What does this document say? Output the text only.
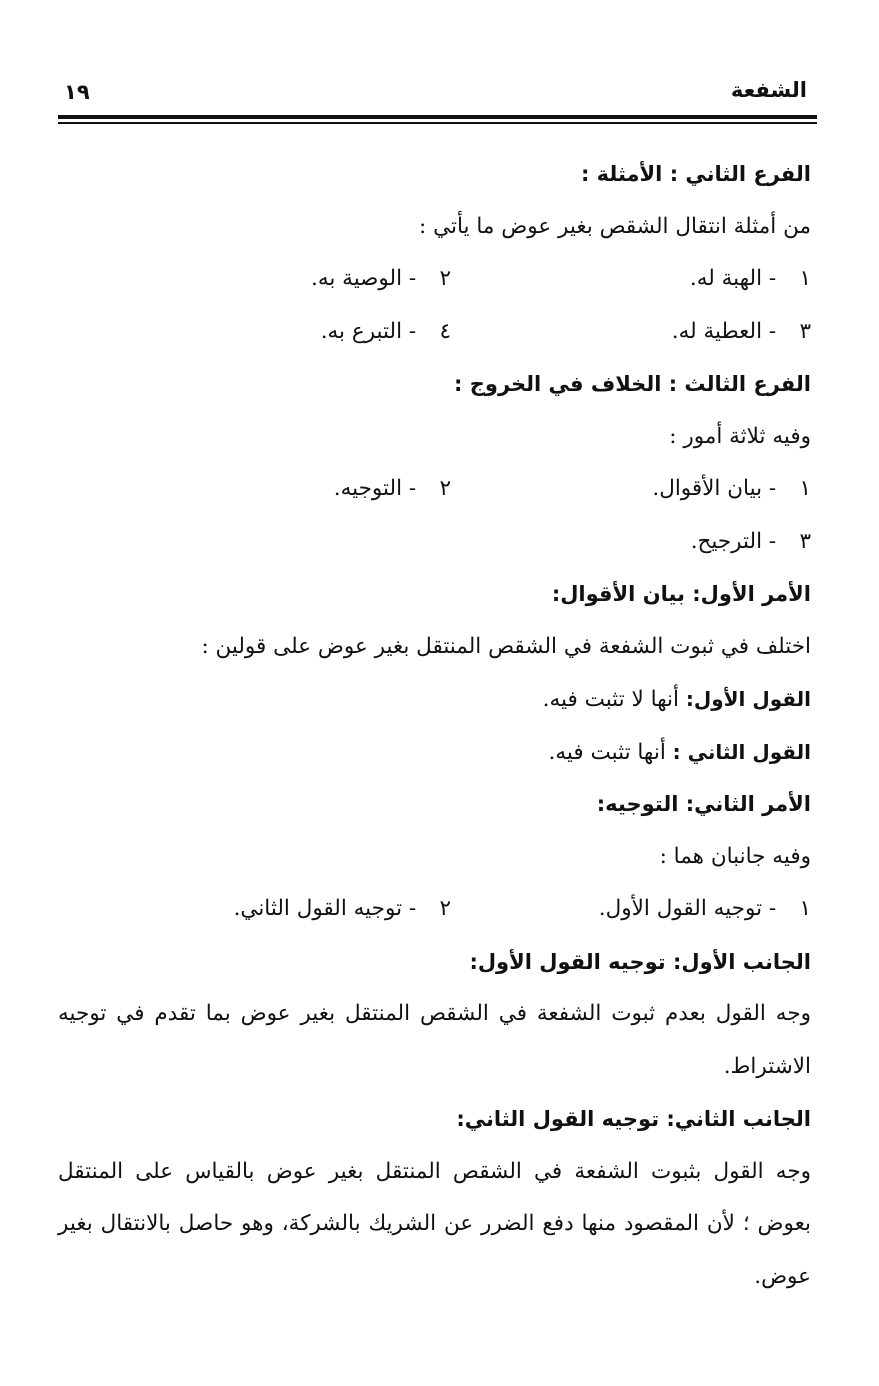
الشفعة
١٩
الفرع الثاني : الأمثلة :
من أمثلة انتقال الشقص بغير عوض ما يأتي :
١ - الهبة له.
٢ - الوصية به.
٣ - العطية له.
٤ - التبرع به.
الفرع الثالث : الخلاف في الخروج :
وفيه ثلاثة أمور :
١ - بيان الأقوال.
٢ - التوجيه.
٣ - الترجيح.
الأمر الأول: بيان الأقوال:
اختلف في ثبوت الشفعة في الشقص المنتقل بغير عوض على قولين :
القول الأول: أنها لا تثبت فيه.
القول الثاني : أنها تثبت فيه.
الأمر الثاني: التوجيه:
وفيه جانبان هما :
١ - توجيه القول الأول.
٢ - توجيه القول الثاني.
الجانب الأول: توجيه القول الأول:
وجه القول بعدم ثبوت الشفعة في الشقص المنتقل بغير عوض بما تقدم في توجيه الاشتراط.
الجانب الثاني: توجيه القول الثاني:
وجه القول بثبوت الشفعة في الشقص المنتقل بغير عوض بالقياس على المنتقل بعوض ؛ لأن المقصود منها دفع الضرر عن الشريك بالشركة، وهو حاصل بالانتقال بغير عوض.
